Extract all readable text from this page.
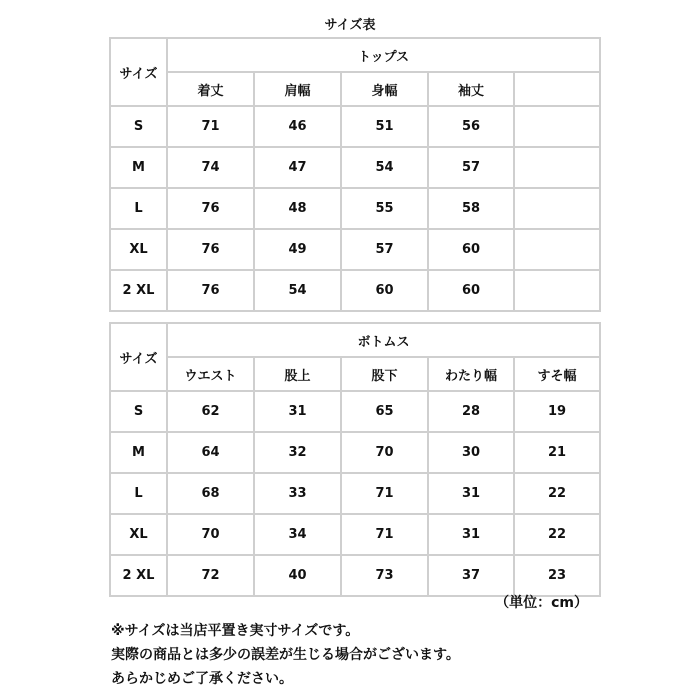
サイズ表
サイズ	トップス				
	着丈	肩幅	身幅	袖丈	
S	71	46	51	56	
M	74	47	54	57	
L	76	48	55	58	
XL	76	49	57	60	
2 XL	76	54	60	60	
サイズ	ボトムス				
	ウエスト	股上	股下	わたり幅	すそ幅
S	62	31	65	28	19
M	64	32	70	30	21
L	68	33	71	31	22
XL	70	34	71	31	22
2 XL	72	40	73	37	23
（単位：cm）
※サイズは当店平置き実寸サイズです。
実際の商品とは多少の誤差が生じる場合がございます。
あらかじめご了承ください。
